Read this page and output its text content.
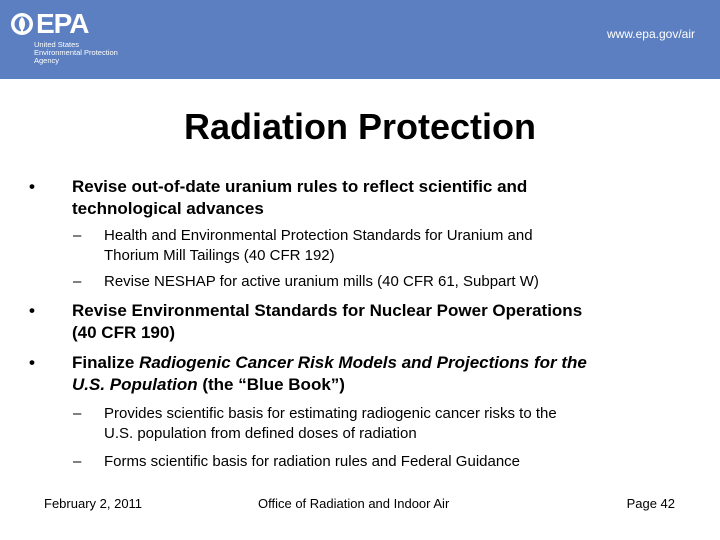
EPA
United States
Environmental Protection
Agency
www.epa.gov/air
Radiation Protection
• Revise out-of-date uranium rules to reflect scientific and
technological advances
– Health and Environmental Protection Standards for Uranium and
Thorium Mill Tailings (40 CFR 192)
– Revise NESHAP for active uranium mills (40 CFR 61, Subpart W)
• Revise Environmental Standards for Nuclear Power Operations
(40 CFR 190)
• Finalize Radiogenic Cancer Risk Models and Projections for the
U.S. Population (the “Blue Book”)
– Provides scientific basis for estimating radiogenic cancer risks to the
U.S. population from defined doses of radiation
– Forms scientific basis for radiation rules and Federal Guidance
February 2, 2011	Office of Radiation and Indoor Air	Page 42
